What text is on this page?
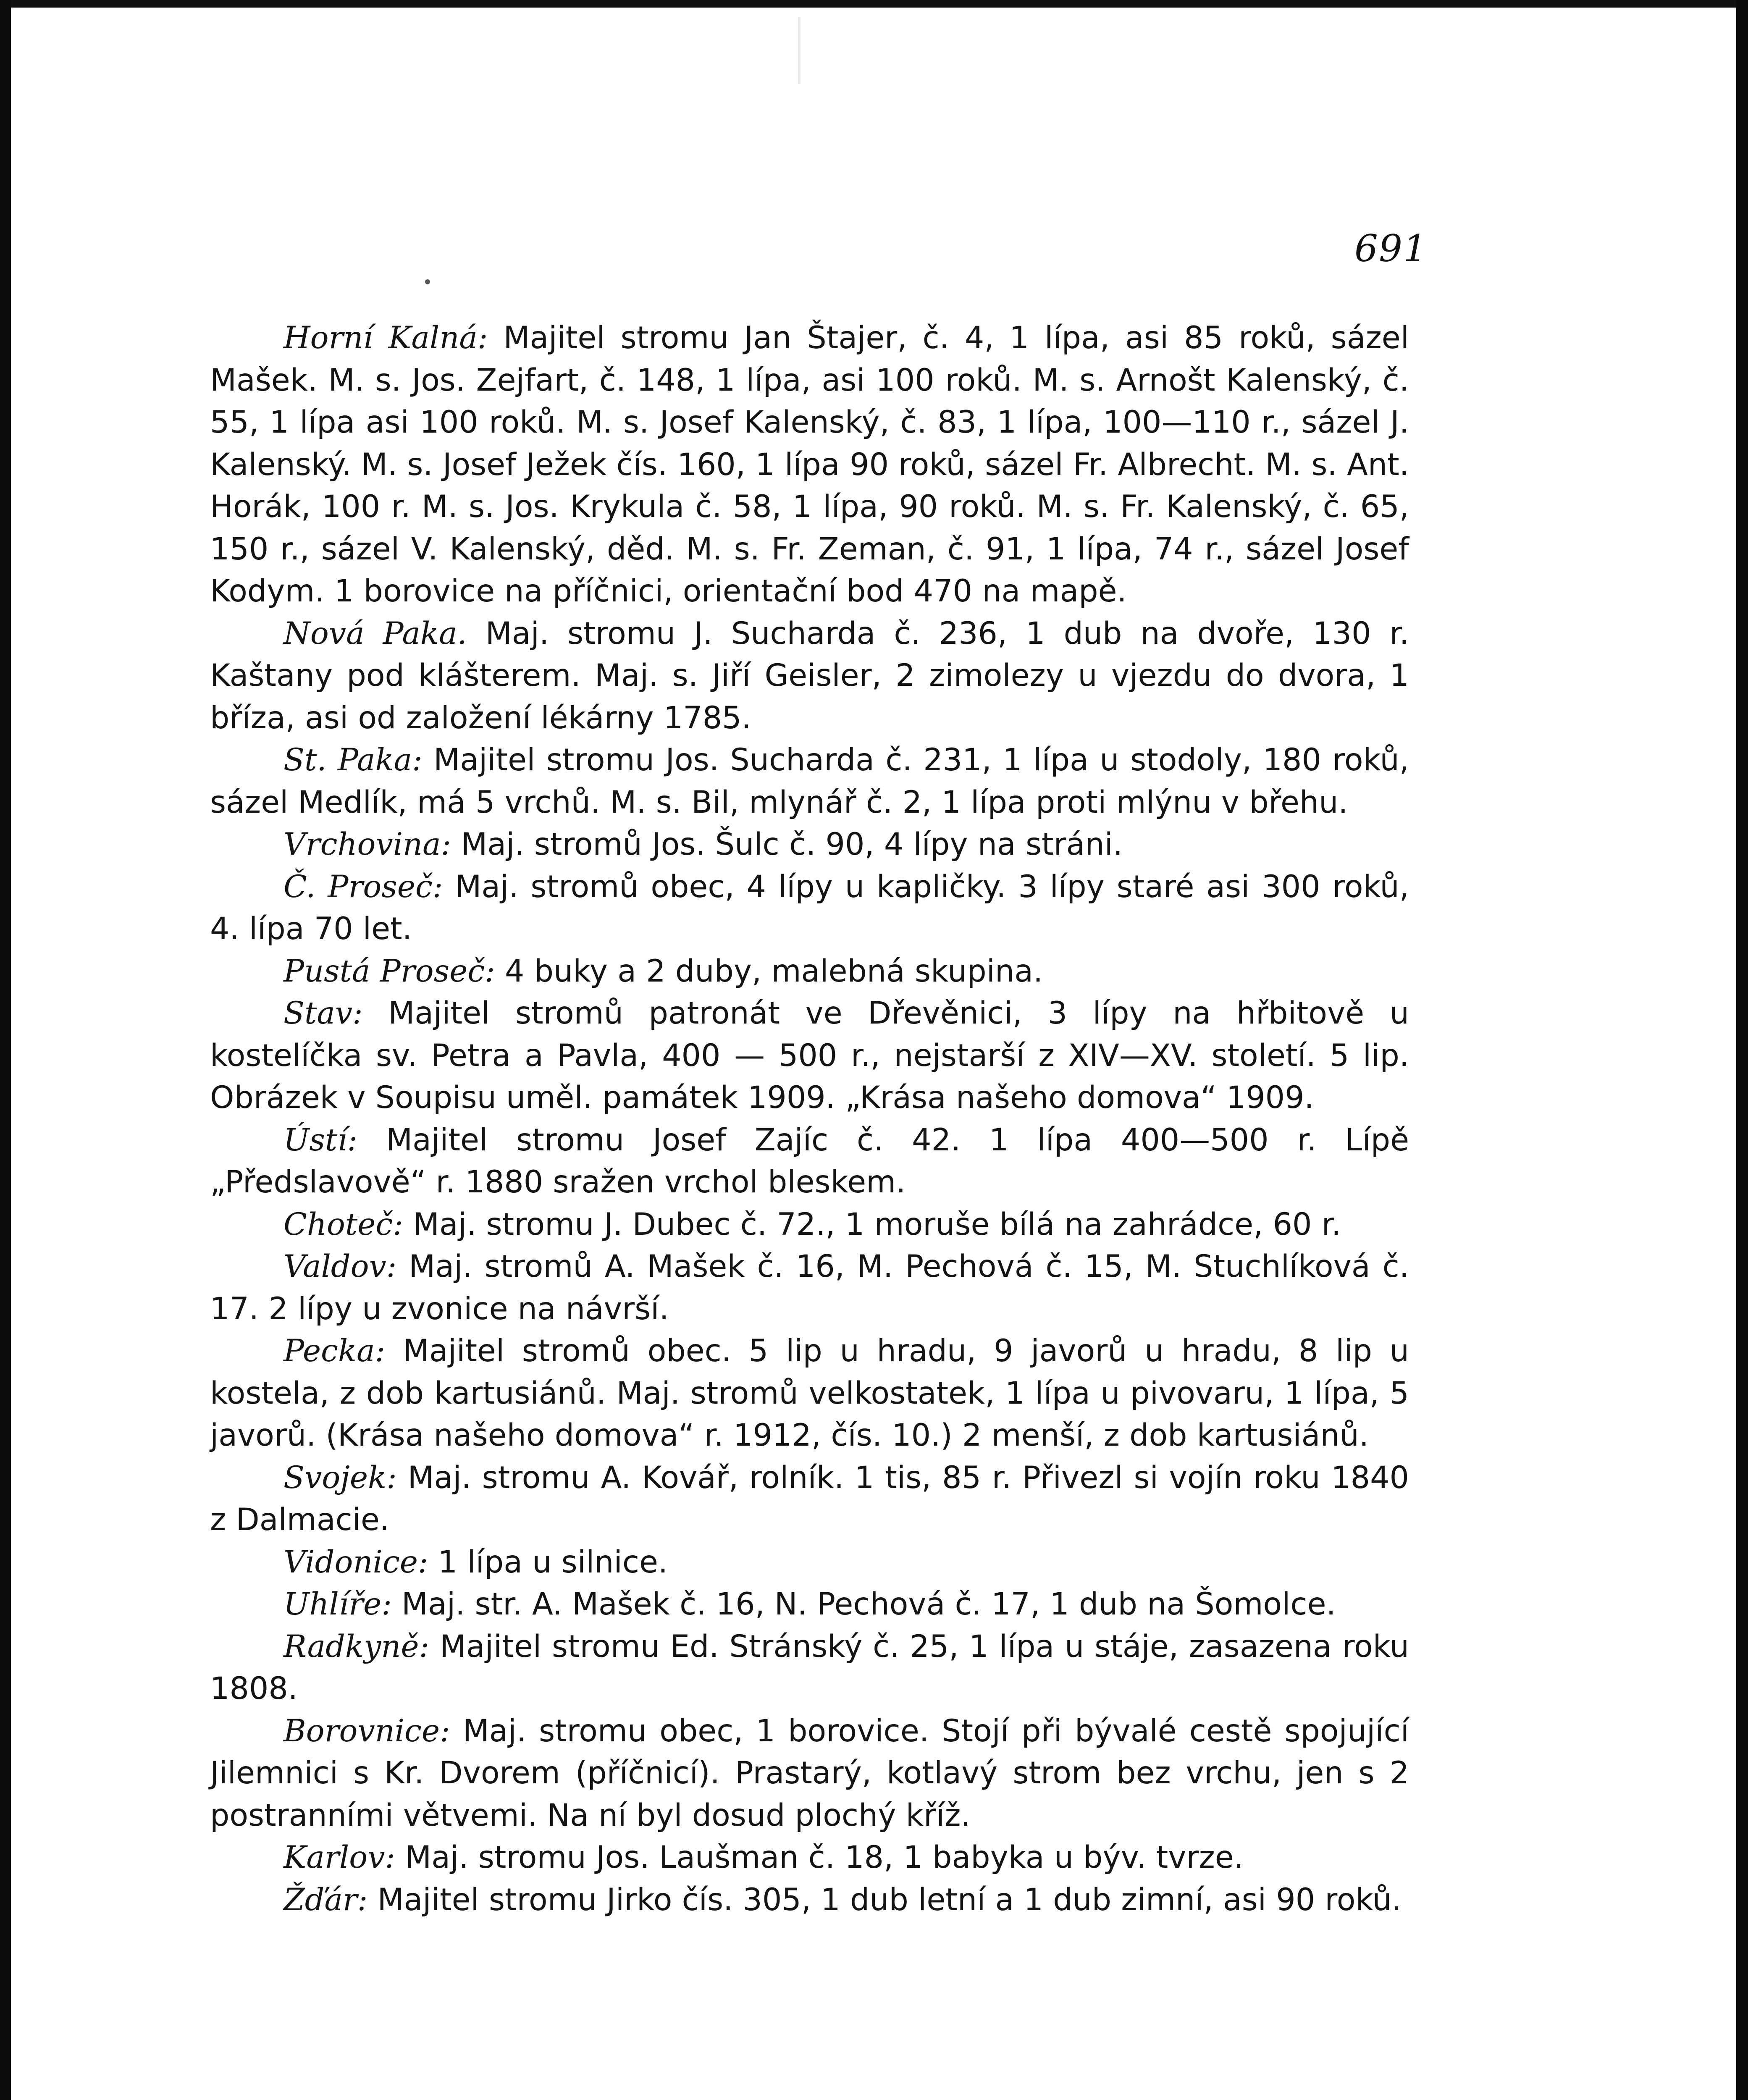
691

Horní Kalná: Majitel stromu Jan Štajer, č. 4, 1 lípa, asi 85 roků, sázel Mašek. M. s. Jos. Zejfart, č. 148, 1 lípa, asi 100 roků. M. s. Arnošt Kalenský, č. 55, 1 lípa asi 100 roků. M. s. Josef Kalenský, č. 83, 1 lípa, 100—110 r., sázel J. Kalenský. M. s. Josef Ježek čís. 160, 1 lípa 90 roků, sázel Fr. Albrecht. M. s. Ant. Horák, 100 r. M. s. Jos. Krykula č. 58, 1 lípa, 90 roků. M. s. Fr. Kalenský, č. 65, 150 r., sázel V. Kalenský, děd. M. s. Fr. Zeman, č. 91, 1 lípa, 74 r., sázel Josef Kodym. 1 borovice na příčnici, orientační bod 470 na mapě.

Nová Paka. Maj. stromu J. Sucharda č. 236, 1 dub na dvoře, 130 r. Kaštany pod klášterem. Maj. s. Jiří Geisler, 2 zimolezy u vjezdu do dvora, 1 bříza, asi od založení lékárny 1785.

St. Paka: Majitel stromu Jos. Sucharda č. 231, 1 lípa u stodoly, 180 roků, sázel Medlík, má 5 vrchů. M. s. Bil, mlynář č. 2, 1 lípa proti mlýnu v břehu.

Vrchovina: Maj. stromů Jos. Šulc č. 90, 4 lípy na stráni.

Č. Proseč: Maj. stromů obec, 4 lípy u kapličky. 3 lípy staré asi 300 roků, 4. lípa 70 let.

Pustá Proseč: 4 buky a 2 duby, malebná skupina.

Stav: Majitel stromů patronát ve Dřevěnici, 3 lípy na hřbitově u kostelíčka sv. Petra a Pavla, 400 — 500 r., nejstarší z XIV—XV. století. 5 lip. Obrázek v Soupisu uměl. památek 1909. „Krása našeho domova“ 1909.

Ústí: Majitel stromu Josef Zajíc č. 42. 1 lípa 400—500 r. Lípě „Předslavově“ r. 1880 sražen vrchol bleskem.

Choteč: Maj. stromu J. Dubec č. 72., 1 moruše bílá na zahrádce, 60 r.

Valdov: Maj. stromů A. Mašek č. 16, M. Pechová č. 15, M. Stuchlíková č. 17. 2 lípy u zvonice na návrší.

Pecka: Majitel stromů obec. 5 lip u hradu, 9 javorů u hradu, 8 lip u kostela, z dob kartusiánů. Maj. stromů velkostatek, 1 lípa u pivovaru, 1 lípa, 5 javorů. (Krása našeho domova“ r. 1912, čís. 10.) 2 menší, z dob kartusiánů.

Svojek: Maj. stromu A. Kovář, rolník. 1 tis, 85 r. Přivezl si vojín roku 1840 z Dalmacie.

Vidonice: 1 lípa u silnice.

Uhlíře: Maj. str. A. Mašek č. 16, N. Pechová č. 17, 1 dub na Šomolce.

Radkyně: Majitel stromu Ed. Stránský č. 25, 1 lípa u stáje, zasazena roku 1808.

Borovnice: Maj. stromu obec, 1 borovice. Stojí při bývalé cestě spojující Jilemnici s Kr. Dvorem (příčnicí). Prastarý, kotlavý strom bez vrchu, jen s 2 postranními větvemi. Na ní byl dosud plochý kříž.

Karlov: Maj. stromu Jos. Laušman č. 18, 1 babyka u býv. tvrze.

Žďár: Majitel stromu Jirko čís. 305, 1 dub letní a 1 dub zimní, asi 90 roků.
